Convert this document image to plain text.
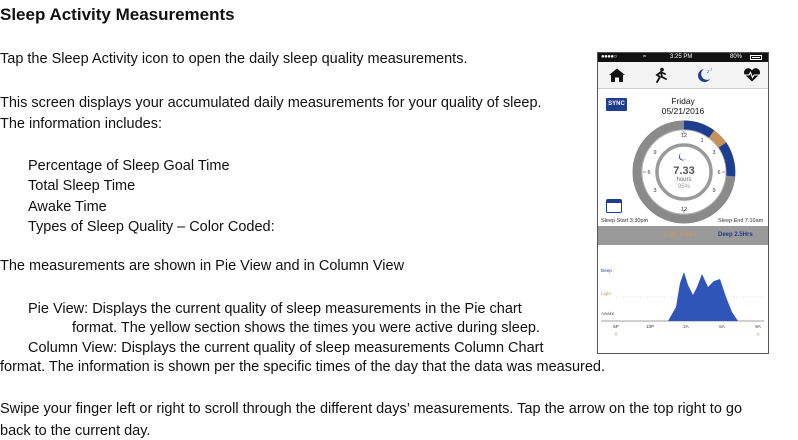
Sleep Activity Measurements
Tap the Sleep Activity icon to open the daily sleep quality measurements.
This screen displays your accumulated daily measurements for your quality of sleep.
The information includes:
Percentage of Sleep Goal Time
Total Sleep Time
Awake Time
Types of Sleep Quality – Color Coded:
The measurements are shown in Pie View and in Column View
Pie View: Displays the current quality of sleep measurements in the Pie chart
format. The yellow section shows the times you were active during sleep.
Column View: Displays the current quality of sleep measurements Column Chart
format. The information is shown per the specific times of the day that the data was measured.
Swipe your finger left or right to scroll through the different days’ measurements. Tap the arrow on the top right to go
back to the current day.
●●●●○	≈	3:25 PM	80%
z z
SYNC	Friday
05/21/2016
12
1
3
6
9
12
3
6
9
7.33
hours
95%
Sleep Start 3:30pm	Sleep End 7:10am
Light 1.5Hrs	Deep 2.5Hrs
Deep
Light
Awake
6P	10P	2A	6A	9A
☼	☼
